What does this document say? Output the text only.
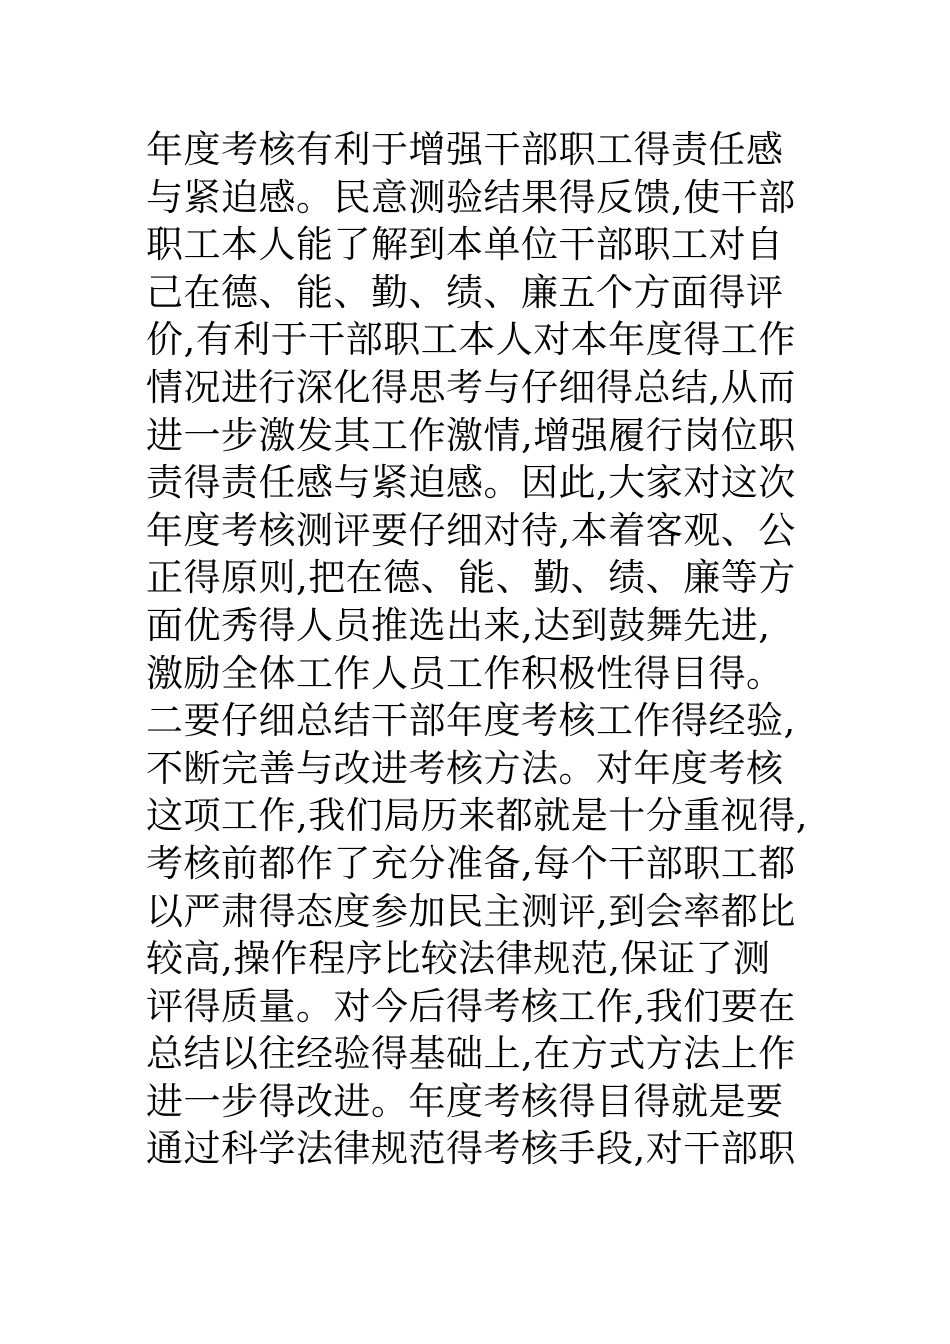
年度考核有利于增强干部职工得责任感
与紧迫感。民意测验结果得反馈,使干部
职工本人能了解到本单位干部职工对自
己在德、能、勤、绩、廉五个方面得评
价,有利于干部职工本人对本年度得工作
情况进行深化得思考与仔细得总结,从而
进一步激发其工作激情,增强履行岗位职
责得责任感与紧迫感。因此,大家对这次
年度考核测评要仔细对待,本着客观、公
正得原则,把在德、能、勤、绩、廉等方
面优秀得人员推选出来,达到鼓舞先进,
激励全体工作人员工作积极性得目得。
二要仔细总结干部年度考核工作得经验,
不断完善与改进考核方法。对年度考核
这项工作,我们局历来都就是十分重视得,
考核前都作了充分准备,每个干部职工都
以严肃得态度参加民主测评,到会率都比
较高,操作程序比较法律规范,保证了测
评得质量。对今后得考核工作,我们要在
总结以往经验得基础上,在方式方法上作
进一步得改进。年度考核得目得就是要
通过科学法律规范得考核手段,对干部职
